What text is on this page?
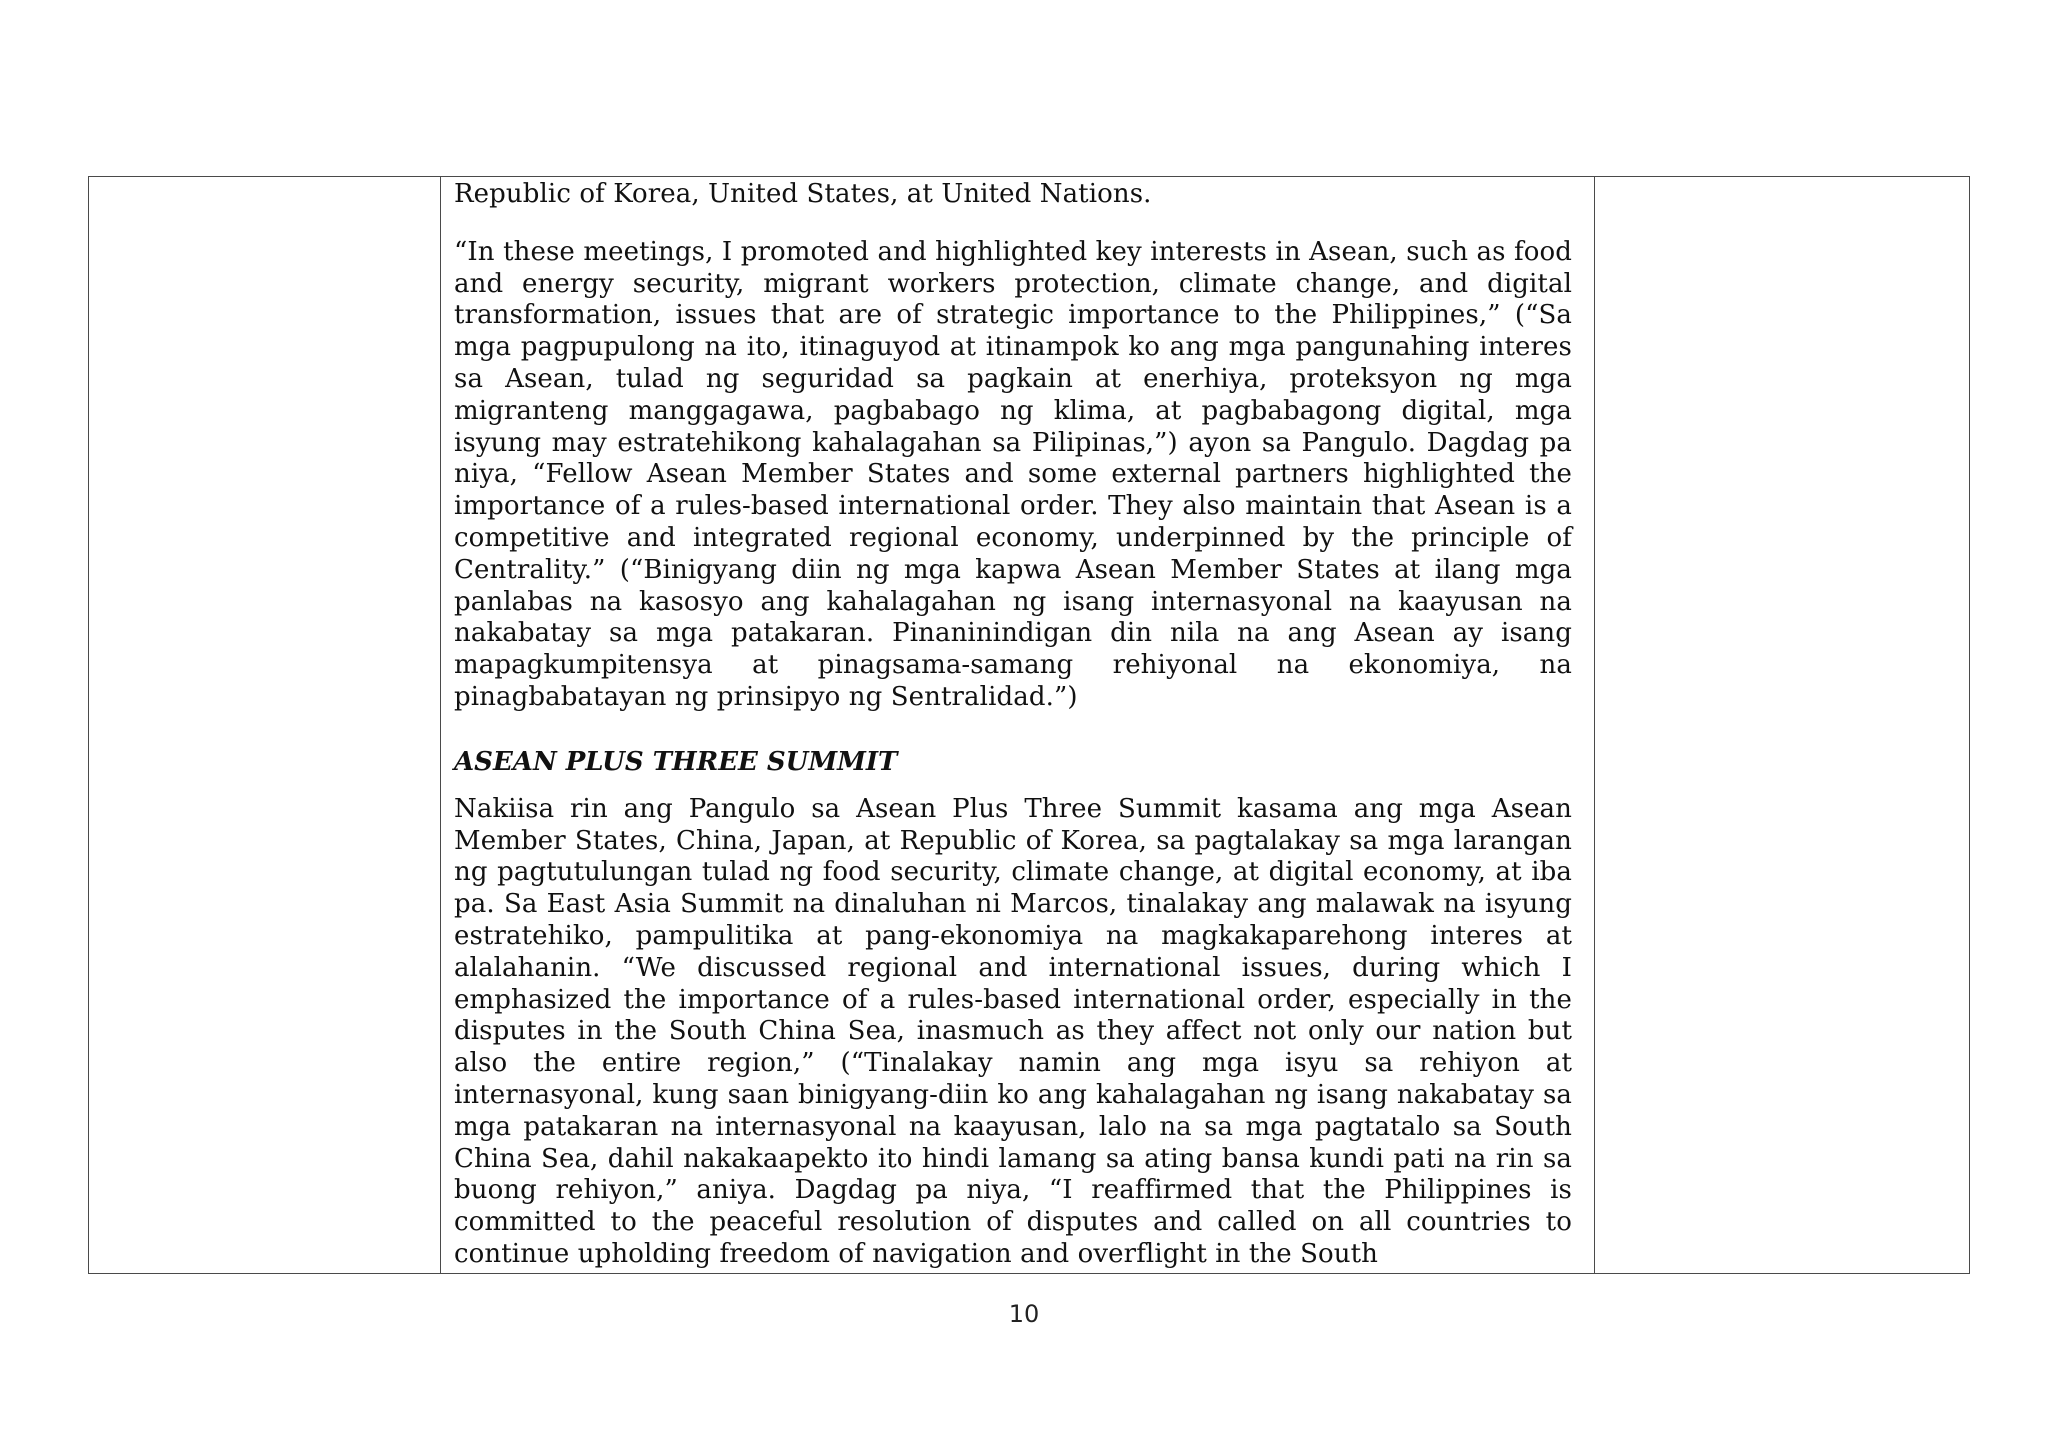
Republic of Korea, United States, at United Nations.

“In these meetings, I promoted and highlighted key interests in Asean, such as food and energy security, migrant workers protection, climate change, and digital transformation, issues that are of strategic importance to the Philippines,” (“Sa mga pagpupulong na ito, itinaguyod at itinampok ko ang mga pangunahing interes sa Asean, tulad ng seguridad sa pagkain at enerhiya, proteksyon ng mga migranteng manggagawa, pagbabago ng klima, at pagbabagong digital, mga isyung may estratehikong kahalagahan sa Pilipinas,”) ayon sa Pangulo. Dagdag pa niya, “Fellow Asean Member States and some external partners highlighted the importance of a rules-based international order. They also maintain that Asean is a competitive and integrated regional economy, underpinned by the principle of Centrality.” (“Binigyang diin ng mga kapwa Asean Member States at ilang mga panlabas na kasosyo ang kahalagahan ng isang internasyonal na kaayusan na nakabatay sa mga patakaran. Pinaninindigan din nila na ang Asean ay isang mapagkumpitensya at pinagsama-samang rehiyonal na ekonomiya, na pinagbabatayan ng prinsipyo ng Sentralidad.”)

ASEAN PLUS THREE SUMMIT

Nakiisa rin ang Pangulo sa Asean Plus Three Summit kasama ang mga Asean Member States, China, Japan, at Republic of Korea, sa pagtalakay sa mga larangan ng pagtutulungan tulad ng food security, climate change, at digital economy, at iba pa. Sa East Asia Summit na dinaluhan ni Marcos, tinalakay ang malawak na isyung estratehiko, pampulitika at pang-ekonomiya na magkakaparehong interes at alalahanin. “We discussed regional and international issues, during which I emphasized the importance of a rules-based international order, especially in the disputes in the South China Sea, inasmuch as they affect not only our nation but also the entire region,” (“Tinalakay namin ang mga isyu sa rehiyon at internasyonal, kung saan binigyang-diin ko ang kahalagahan ng isang nakabatay sa mga patakaran na internasyonal na kaayusan, lalo na sa mga pagtatalo sa South China Sea, dahil nakakaapekto ito hindi lamang sa ating bansa kundi pati na rin sa buong rehiyon,” aniya. Dagdag pa niya, “I reaffirmed that the Philippines is committed to the peaceful resolution of disputes and called on all countries to continue upholding freedom of navigation and overflight in the South

10
